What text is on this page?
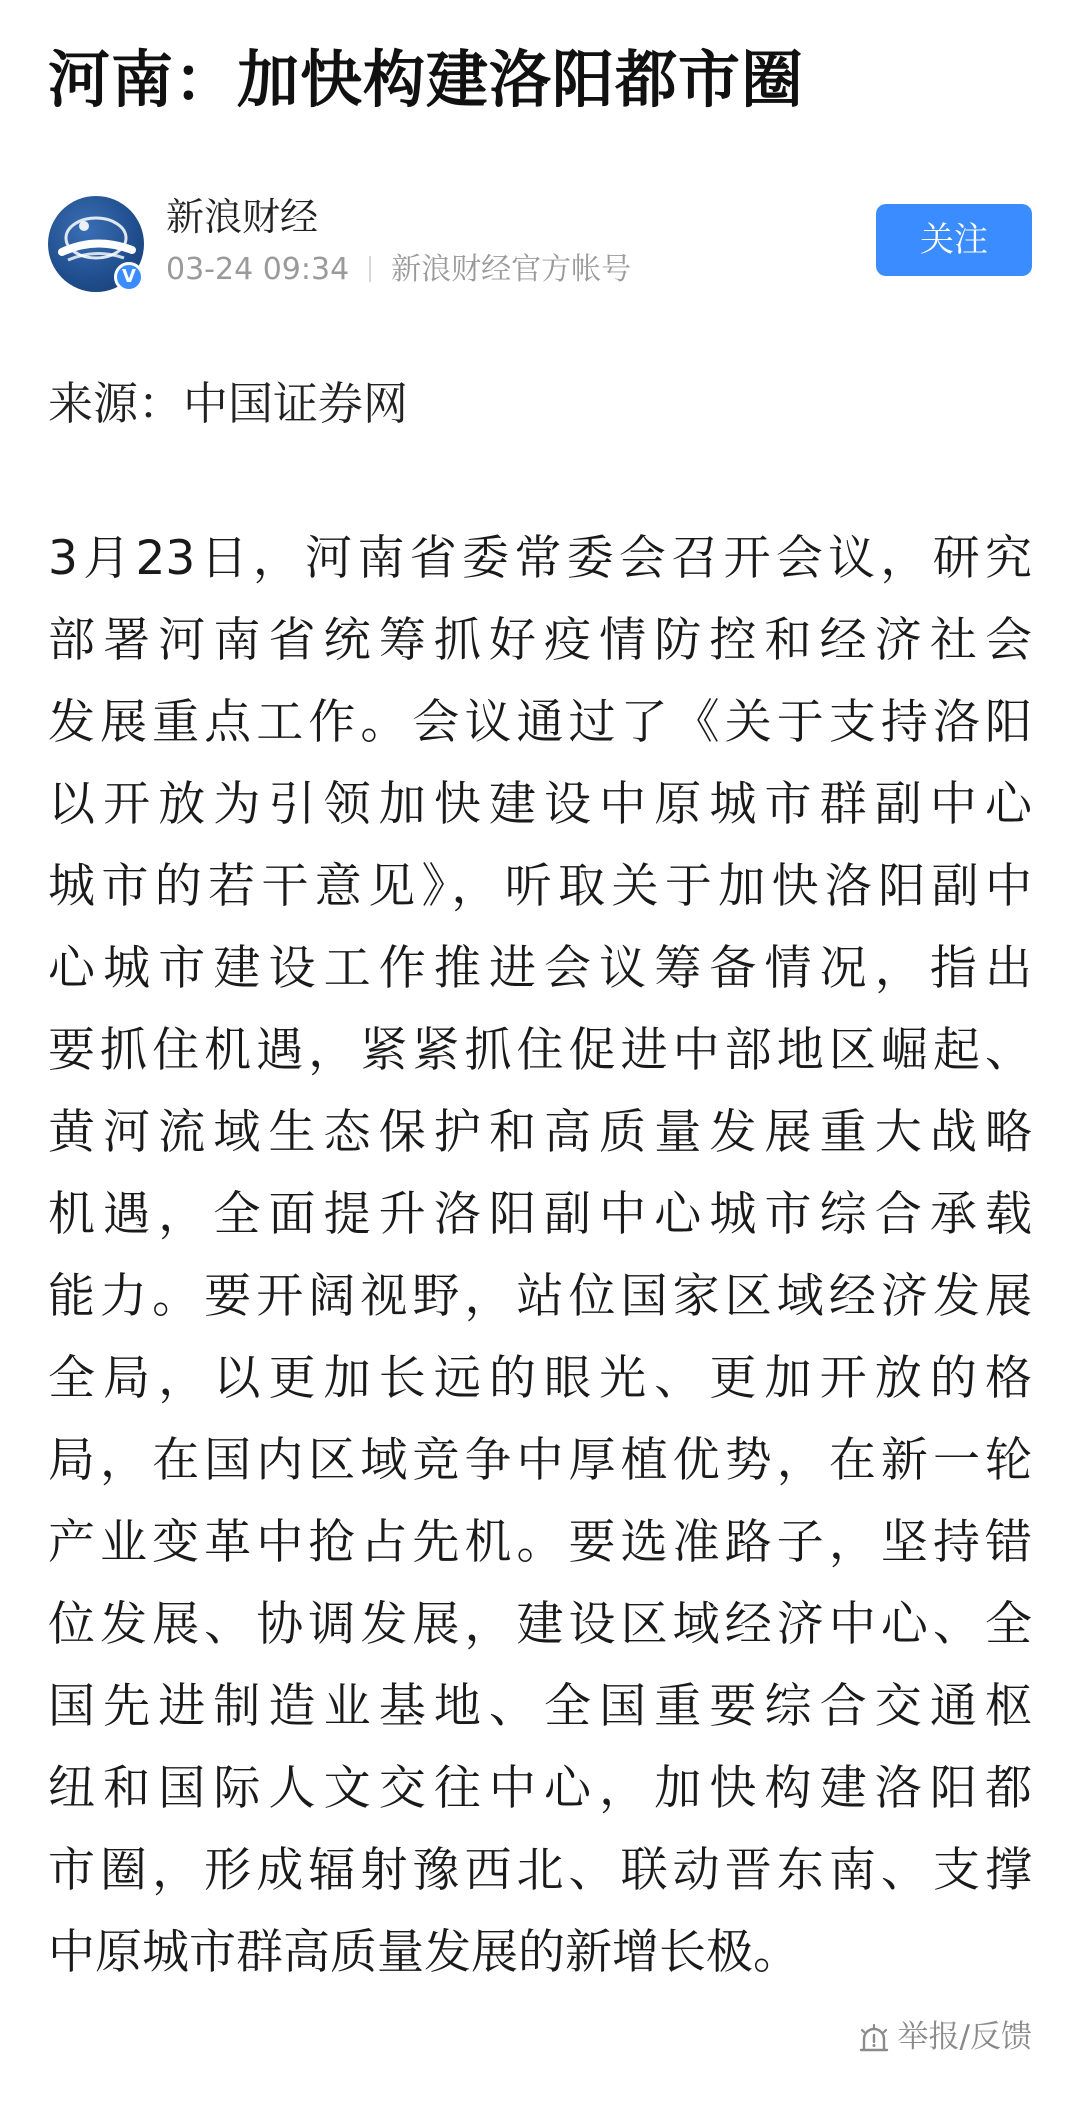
河南：加快构建洛阳都市圈
V
新浪财经
03-24 09:34 新浪财经官方帐号
关注
来源：中国证券网
3月23日，河南省委常委会召开会议，研究
部署河南省统筹抓好疫情防控和经济社会
发展重点工作。会议通过了《关于支持洛阳
以开放为引领加快建设中原城市群副中心
城市的若干意见》，听取关于加快洛阳副中
心城市建设工作推进会议筹备情况，指出
要抓住机遇，紧紧抓住促进中部地区崛起、
黄河流域生态保护和高质量发展重大战略
机遇，全面提升洛阳副中心城市综合承载
能力。要开阔视野，站位国家区域经济发展
全局，以更加长远的眼光、更加开放的格
局，在国内区域竞争中厚植优势，在新一轮
产业变革中抢占先机。要选准路子，坚持错
位发展、协调发展，建设区域经济中心、全
国先进制造业基地、全国重要综合交通枢
纽和国际人文交往中心，加快构建洛阳都
市圈，形成辐射豫西北、联动晋东南、支撑
中原城市群高质量发展的新增长极。
举报/反馈
